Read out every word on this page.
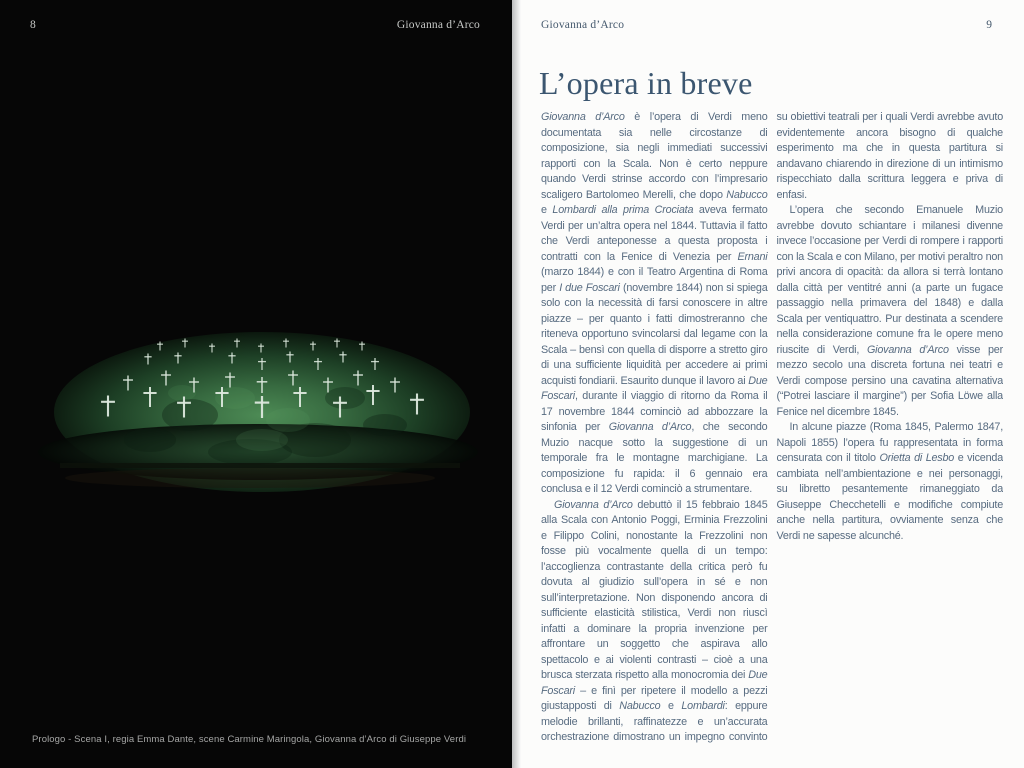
8	Giovanna d’Arco
Prologo - Scena I, regia Emma Dante, scene Carmine Maringola, Giovanna d’Arco di Giuseppe Verdi
Giovanna d’Arco	9
L’opera in breve

Giovanna d’Arco è l’opera di Verdi meno documentata sia nelle circostanze di composizione, sia negli immediati successivi rapporti con la Scala. Non è certo neppure quando Verdi strinse accordo con l’impresario scaligero Bartolomeo Merelli, che dopo Nabucco e Lombardi alla prima Crociata aveva fermato Verdi per un’altra opera nel 1844. Tuttavia il fatto che Verdi anteponesse a questa proposta i contratti con la Fenice di Venezia per Ernani (marzo 1844) e con il Teatro Argentina di Roma per I due Foscari (novembre 1844) non si spiega solo con la necessità di farsi conoscere in altre piazze – per quanto i fatti dimostreranno che riteneva opportuno svincolarsi dal legame con la Scala – bensì con quella di disporre a stretto giro di una sufficiente liquidità per accedere ai primi acquisti fondiarii. Esaurito dunque il lavoro ai Due Foscari, durante il viaggio di ritorno da Roma il 17 novembre 1844 cominciò ad abbozzare la sinfonia per Giovanna d’Arco, che secondo Muzio nacque sotto la suggestione di un temporale fra le montagne marchigiane. La composizione fu rapida: il 6 gennaio era conclusa e il 12 Verdi cominciò a strumentare.

Giovanna d’Arco debuttò il 15 febbraio 1845 alla Scala con Antonio Poggi, Erminia Frezzolini e Filippo Colini, nonostante la Frezzolini non fosse più vocalmente quella di un tempo: l’accoglienza contrastante della critica però fu dovuta al giudizio sull’opera in sé e non sull’interpretazione. Non disponendo ancora di sufficiente elasticità stilistica, Verdi non riuscì infatti a dominare la propria invenzione per affrontare un soggetto che aspirava allo spettacolo e ai violenti contrasti – cioè a una brusca sterzata rispetto alla monocromia dei Due Foscari – e finì per ripetere il modello a pezzi giustapposti di Nabucco e Lombardi: eppure melodie brillanti, raffinatezze e un’accurata orchestrazione dimostrano un impegno convinto su obiettivi teatrali per i quali Verdi avrebbe avuto evidentemente ancora bisogno di qualche esperimento ma che in questa partitura si andavano chiarendo in direzione di un intimismo rispecchiato dalla scrittura leggera e priva di enfasi.

L’opera che secondo Emanuele Muzio avrebbe dovuto schiantare i milanesi divenne invece l’occasione per Verdi di rompere i rapporti con la Scala e con Milano, per motivi peraltro non privi ancora di opacità: da allora si terrà lontano dalla città per ventitré anni (a parte un fugace passaggio nella primavera del 1848) e dalla Scala per ventiquattro. Pur destinata a scendere nella considerazione comune fra le opere meno riuscite di Verdi, Giovanna d’Arco visse per mezzo secolo una discreta fortuna nei teatri e Verdi compose persino una cavatina alternativa (“Potrei lasciare il margine”) per Sofia Löwe alla Fenice nel dicembre 1845.

In alcune piazze (Roma 1845, Palermo 1847, Napoli 1855) l’opera fu rappresentata in forma censurata con il titolo Orietta di Lesbo e vicenda cambiata nell’ambientazione e nei personaggi, su libretto pesantemente rimaneggiato da Giuseppe Checchetelli e modifiche compiute anche nella partitura, ovviamente senza che Verdi ne sapesse alcunché.
